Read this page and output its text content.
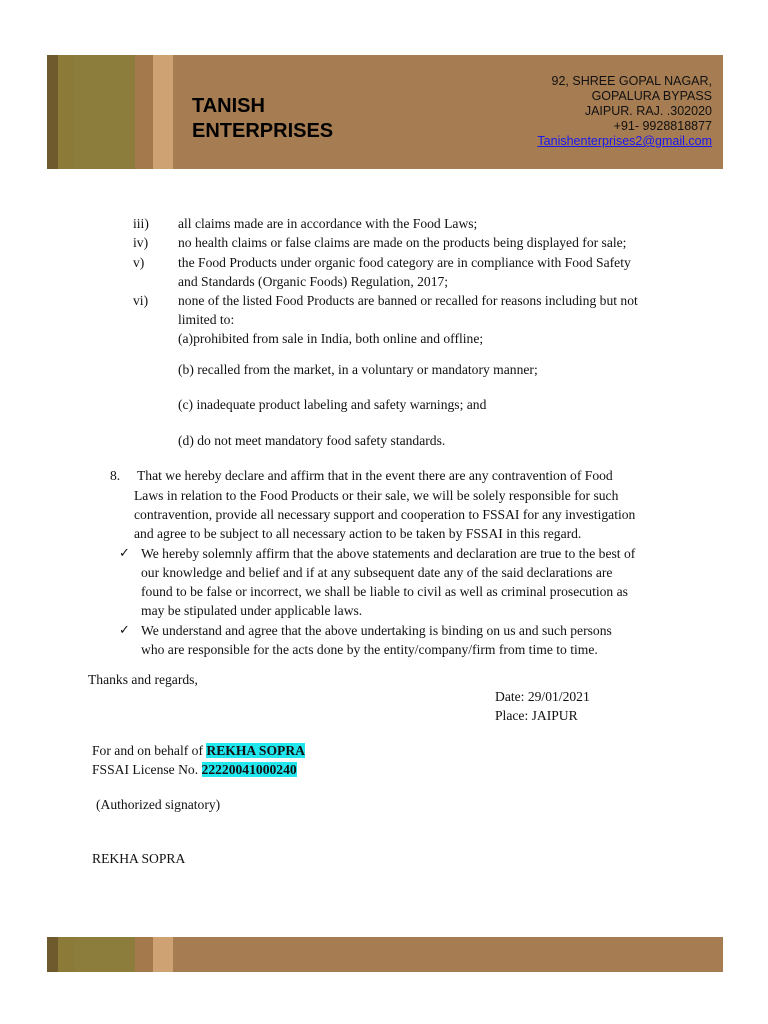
TANISH
ENTERPRISES
92, SHREE GOPAL NAGAR,
GOPALURA BYPASS
JAIPUR. RAJ. .302020
+91- 9928818877
Tanishenterprises2@gmail.com
iii) all claims made are in accordance with the Food Laws;
iv) no health claims or false claims are made on the products being displayed for sale;
v) the Food Products under organic food category are in compliance with Food Safety
and Standards (Organic Foods) Regulation, 2017;
vi) none of the listed Food Products are banned or recalled for reasons including but not
limited to:
(a)prohibited from sale in India, both online and offline;
(b) recalled from the market, in a voluntary or mandatory manner;
(c) inadequate product labeling and safety warnings; and
(d) do not meet mandatory food safety standards.
8. That we hereby declare and affirm that in the event there are any contravention of Food
Laws in relation to the Food Products or their sale, we will be solely responsible for such
contravention, provide all necessary support and cooperation to FSSAI for any investigation
and agree to be subject to all necessary action to be taken by FSSAI in this regard.
✓ We hereby solemnly affirm that the above statements and declaration are true to the best of
our knowledge and belief and if at any subsequent date any of the said declarations are
found to be false or incorrect, we shall be liable to civil as well as criminal prosecution as
may be stipulated under applicable laws.
✓ We understand and agree that the above undertaking is binding on us and such persons
who are responsible for the acts done by the entity/company/firm from time to time.
Thanks and regards,
Date: 29/01/2021
Place: JAIPUR
For and on behalf of REKHA SOPRA
FSSAI License No. 22220041000240
(Authorized signatory)
REKHA SOPRA
